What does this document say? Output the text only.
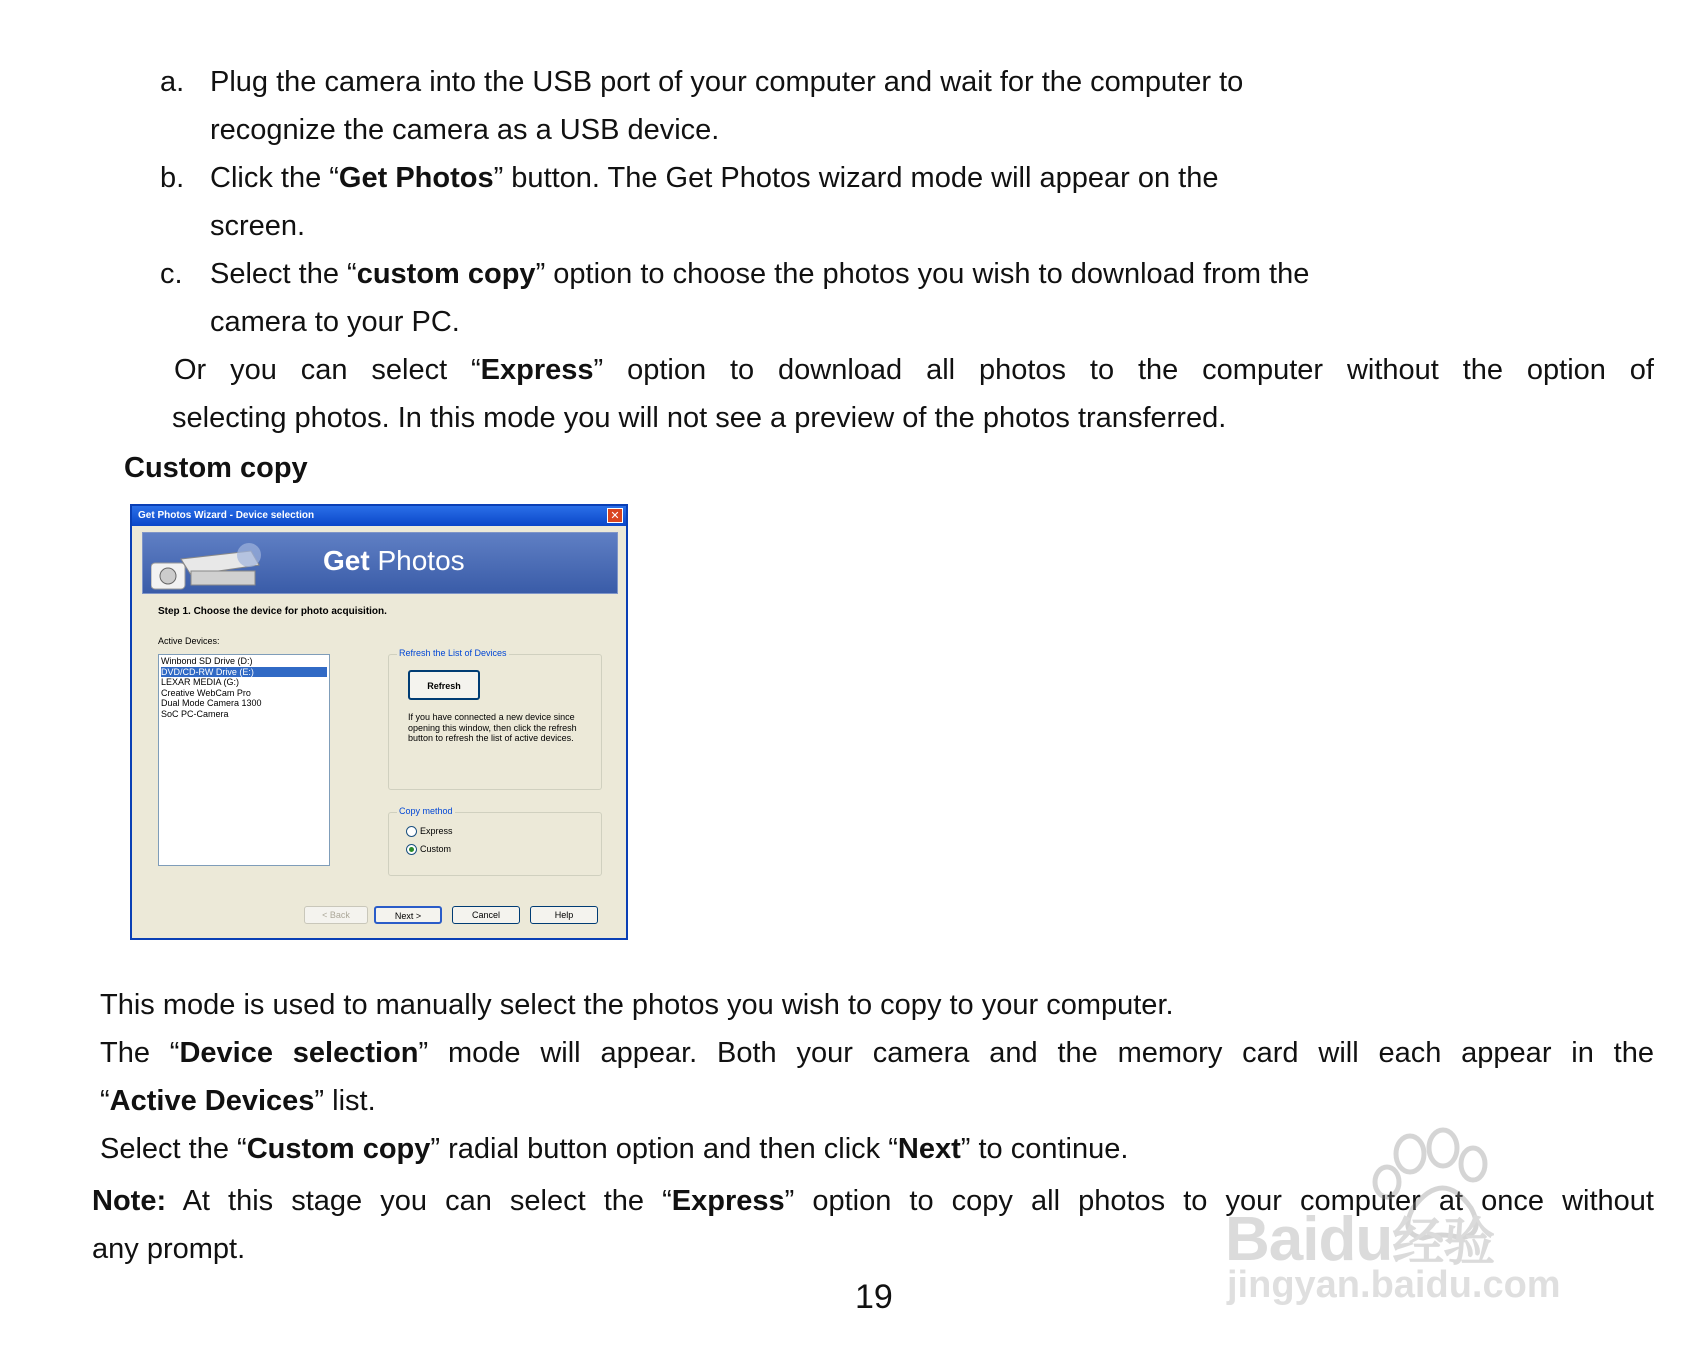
a. Plug the camera into the USB port of your computer and wait for the computer to
recognize the camera as a USB device.
b. Click the “Get Photos” button. The Get Photos wizard mode will appear on the
screen.
c. Select the “custom copy” option to choose the photos you wish to download from the
camera to your PC.
Or you can select “Express” option to download all photos to the computer without the option of
selecting photos. In this mode you will not see a preview of the photos transferred.
Custom copy
Get Photos Wizard - Device selection	✕
Get Photos
Step 1. Choose the device for photo acquisition.
Active Devices:
Winbond SD Drive (D:)
DVD/CD-RW Drive (E:)
LEXAR MEDIA (G:)
Creative WebCam Pro
Dual Mode Camera 1300
SoC PC-Camera
Refresh the List of Devices
Refresh
If you have connected a new device since opening this window, then click the refresh button to refresh the list of active devices.
Copy method
Express
Custom
< Back	Next >	Cancel	Help
This mode is used to manually select the photos you wish to copy to your computer.
The “Device selection” mode will appear. Both your camera and the memory card will each appear in the
“Active Devices” list.
Select the “Custom copy” radial button option and then click “Next” to continue.
Note: At this stage you can select the “Express” option to copy all photos to your computer at once without
any prompt.
19
Baidu经验
jingyan.baidu.com
